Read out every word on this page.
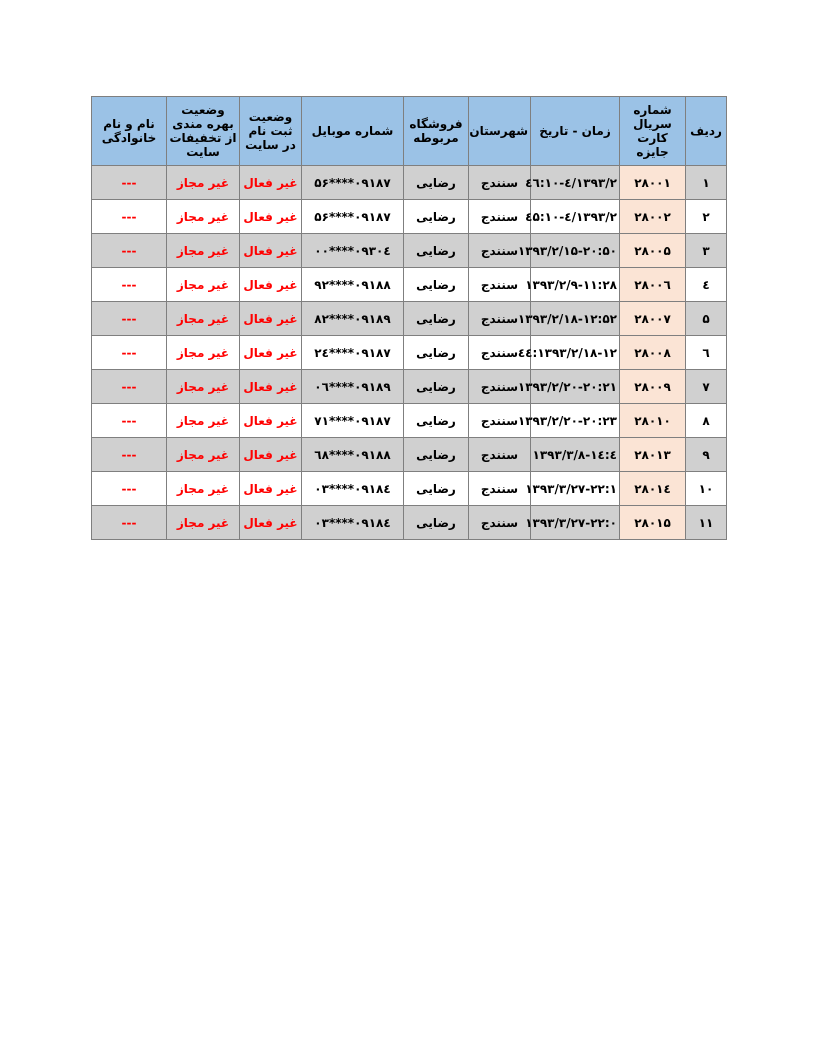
ردیف	شماره سریال کارت جایزه	زمان - تاریخ	شهرستان	فروشگاه مربوطه	شماره موبایل	وضعیت ثبت نام در سایت	وضعیت بهره مندی از تخفیفات سایت	نام و نام خانوادگی
۱	۲۸۰۰۱	۱۳۹۳/۲/٤-۱۰:٤٦	سنندج	رضایی	۰۹۱۸۷****۵۶	غیر فعال	غیر مجاز	---
۲	۲۸۰۰۲	۱۳۹۳/۲/٤-۱۰:٤۵	سنندج	رضایی	۰۹۱۸۷****۵۶	غیر فعال	غیر مجاز	---
۳	۲۸۰۰۵	۱۳۹۳/۲/۱۵-۲۰:۵۰	سنندج	رضایی	۰۹۳۰٤****۰۰	غیر فعال	غیر مجاز	---
٤	۲۸۰۰٦	۱۳۹۳/۲/۹-۱۱:۲۸	سنندج	رضایی	۰۹۱۸۸****۹۲	غیر فعال	غیر مجاز	---
۵	۲۸۰۰۷	۱۳۹۳/۲/۱۸-۱۲:۵۲	سنندج	رضایی	۰۹۱۸۹****۸۲	غیر فعال	غیر مجاز	---
٦	۲۸۰۰۸	۱۳۹۳/۲/۱۸-۱۲:٤٤	سنندج	رضایی	۰۹۱۸۷****۲٤	غیر فعال	غیر مجاز	---
۷	۲۸۰۰۹	۱۳۹۳/۲/۲۰-۲۰:۲۱	سنندج	رضایی	۰۹۱۸۹****۰٦	غیر فعال	غیر مجاز	---
۸	۲۸۰۱۰	۱۳۹۳/۲/۲۰-۲۰:۲۳	سنندج	رضایی	۰۹۱۸۷****۷۱	غیر فعال	غیر مجاز	---
۹	۲۸۰۱۳	۱۳۹۳/۳/۸-۱٤:٤	سنندج	رضایی	۰۹۱۸۸****٦۸	غیر فعال	غیر مجاز	---
۱۰	۲۸۰۱٤	۱۳۹۳/۳/۲۷-۲۲:۱	سنندج	رضایی	۰۹۱۸٤****۰۳	غیر فعال	غیر مجاز	---
۱۱	۲۸۰۱۵	۱۳۹۳/۳/۲۷-۲۲:۰	سنندج	رضایی	۰۹۱۸٤****۰۳	غیر فعال	غیر مجاز	---
